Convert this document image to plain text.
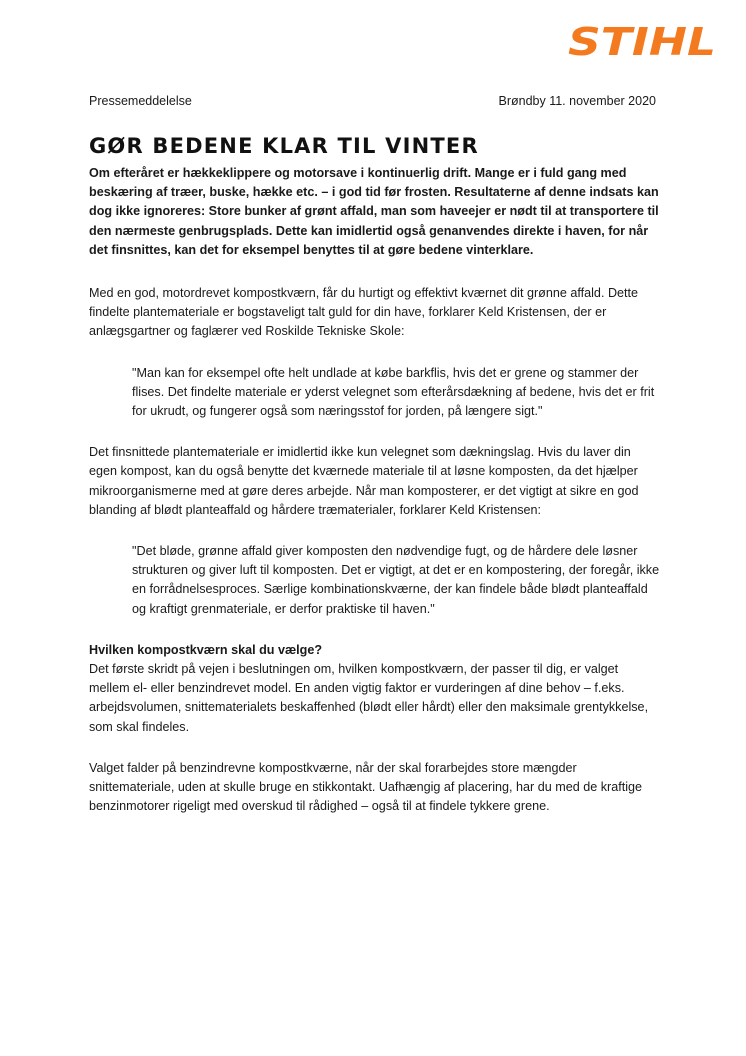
STIHL
Pressemeddelelse	Brøndby 11. november 2020
GØR BEDENE KLAR TIL VINTER

Om efteråret er hækkeklippere og motorsave i kontinuerlig drift. Mange er i fuld gang med beskæring af træer, buske, hække etc. – i god tid før frosten. Resultaterne af denne indsats kan dog ikke ignoreres: Store bunker af grønt affald, man som haveejer er nødt til at transportere til den nærmeste genbrugsplads. Dette kan imidlertid også genanvendes direkte i haven, for når det finsnittes, kan det for eksempel benyttes til at gøre bedene vinterklare.

Med en god, motordrevet kompostkværn, får du hurtigt og effektivt kværnet dit grønne affald. Dette findelte plantemateriale er bogstaveligt talt guld for din have, forklarer Keld Kristensen, der er anlægsgartner og faglærer ved Roskilde Tekniske Skole:

"Man kan for eksempel ofte helt undlade at købe barkflis, hvis det er grene og stammer der flises. Det findelte materiale er yderst velegnet som efterårsdækning af bedene, hvis det er frit for ukrudt, og fungerer også som næringsstof for jorden, på længere sigt."

Det finsnittede plantemateriale er imidlertid ikke kun velegnet som dækningslag. Hvis du laver din egen kompost, kan du også benytte det kværnede materiale til at løsne komposten, da det hjælper mikroorganismerne med at gøre deres arbejde. Når man komposterer, er det vigtigt at sikre en god blanding af blødt planteaffald og hårdere træmaterialer, forklarer Keld Kristensen:

"Det bløde, grønne affald giver komposten den nødvendige fugt, og de hårdere dele løsner strukturen og giver luft til komposten. Det er vigtigt, at det er en kompostering, der foregår, ikke en forrådnelsesproces. Særlige kombinationskværne, der kan findele både blødt planteaffald og kraftigt grenmateriale, er derfor praktiske til haven."

Hvilken kompostkværn skal du vælge?

Det første skridt på vejen i beslutningen om, hvilken kompostkværn, der passer til dig, er valget mellem el- eller benzindrevet model. En anden vigtig faktor er vurderingen af dine behov – f.eks. arbejdsvolumen, snittematerialets beskaffenhed (blødt eller hårdt) eller den maksimale grentykkelse, som skal findeles.

Valget falder på benzindrevne kompostkværne, når der skal forarbejdes store mængder snittemateriale, uden at skulle bruge en stikkontakt. Uafhængig af placering, har du med de kraftige benzinmotorer rigeligt med overskud til rådighed – også til at findele tykkere grene.
